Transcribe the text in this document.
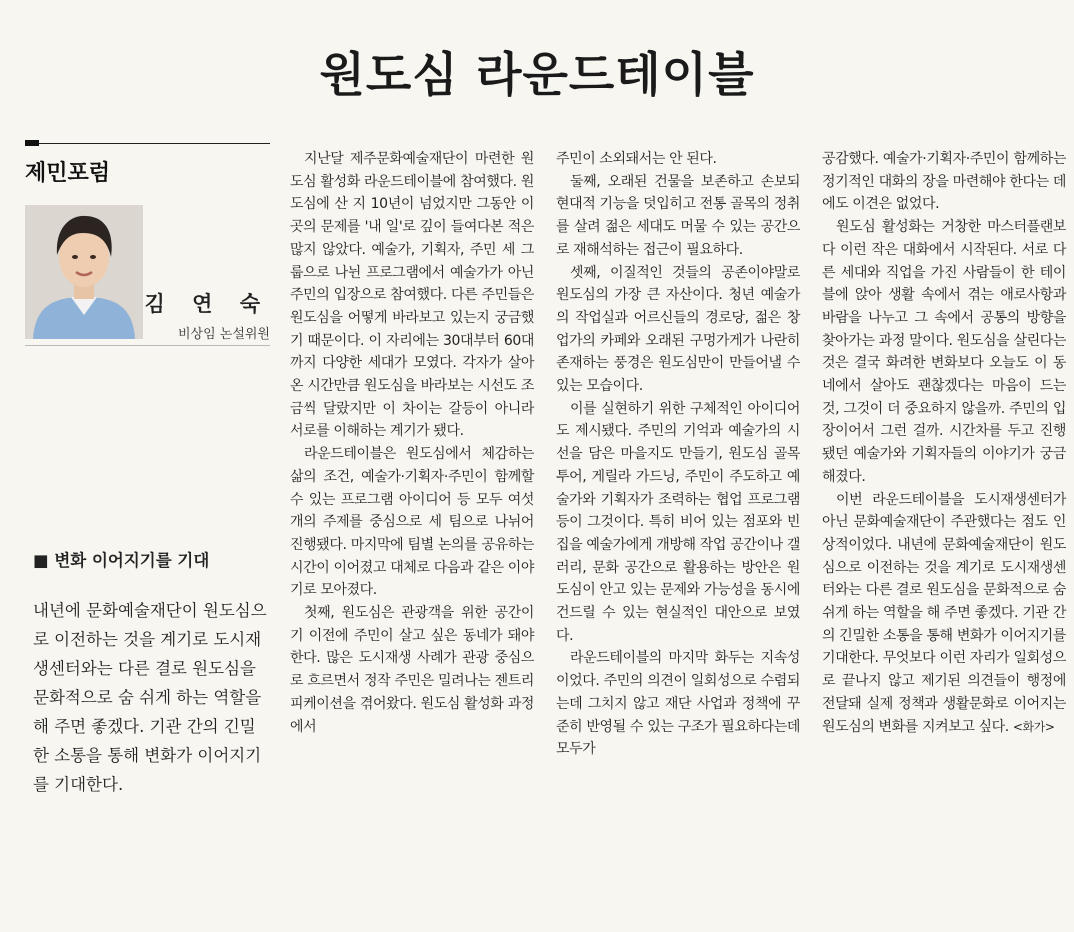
원도심 라운드테이블
제민포럼
김 연 숙
비상임 논설위원
■ 변화 이어지기를 기대

내년에 문화예술재단이 원도심으로 이전하는 것을 계기로 도시재생센터와는 다른 결로 원도심을 문화적으로 숨 쉬게 하는 역할을 해 주면 좋겠다. 기관 간의 긴밀한 소통을 통해 변화가 이어지기를 기대한다.

지난달 제주문화예술재단이 마련한 원도심 활성화 라운드테이블에 참여했다. 원도심에 산 지 10년이 넘었지만 그동안 이곳의 문제를 '내 일'로 깊이 들여다본 적은 많지 않았다. 예술가, 기획자, 주민 세 그룹으로 나뉜 프로그램에서 예술가가 아닌 주민의 입장으로 참여했다. 다른 주민들은 원도심을 어떻게 바라보고 있는지 궁금했기 때문이다. 이 자리에는 30대부터 60대까지 다양한 세대가 모였다. 각자가 살아온 시간만큼 원도심을 바라보는 시선도 조금씩 달랐지만 이 차이는 갈등이 아니라 서로를 이해하는 계기가 됐다.

라운드테이블은 원도심에서 체감하는 삶의 조건, 예술가·기획자·주민이 함께할 수 있는 프로그램 아이디어 등 모두 여섯 개의 주제를 중심으로 세 팀으로 나뉘어 진행됐다. 마지막에 팀별 논의를 공유하는 시간이 이어졌고 대체로 다음과 같은 이야기로 모아졌다.

첫째, 원도심은 관광객을 위한 공간이기 이전에 주민이 살고 싶은 동네가 돼야 한다. 많은 도시재생 사례가 관광 중심으로 흐르면서 정작 주민은 밀려나는 젠트리피케이션을 겪어왔다. 원도심 활성화 과정에서

주민이 소외돼서는 안 된다.

둘째, 오래된 건물을 보존하고 손보되 현대적 기능을 덧입히고 전통 골목의 정취를 살려 젊은 세대도 머물 수 있는 공간으로 재해석하는 접근이 필요하다.

셋째, 이질적인 것들의 공존이야말로 원도심의 가장 큰 자산이다. 청년 예술가의 작업실과 어르신들의 경로당, 젊은 창업가의 카페와 오래된 구멍가게가 나란히 존재하는 풍경은 원도심만이 만들어낼 수 있는 모습이다.

이를 실현하기 위한 구체적인 아이디어도 제시됐다. 주민의 기억과 예술가의 시선을 담은 마을지도 만들기, 원도심 골목 투어, 게릴라 가드닝, 주민이 주도하고 예술가와 기획자가 조력하는 협업 프로그램 등이 그것이다. 특히 비어 있는 점포와 빈집을 예술가에게 개방해 작업 공간이나 갤러리, 문화 공간으로 활용하는 방안은 원도심이 안고 있는 문제와 가능성을 동시에 건드릴 수 있는 현실적인 대안으로 보였다.

라운드테이블의 마지막 화두는 지속성이었다. 주민의 의견이 일회성으로 수렴되는데 그치지 않고 재단 사업과 정책에 꾸준히 반영될 수 있는 구조가 필요하다는데 모두가

공감했다. 예술가·기획자·주민이 함께하는 정기적인 대화의 장을 마련해야 한다는 데에도 이견은 없었다.

원도심 활성화는 거창한 마스터플랜보다 이런 작은 대화에서 시작된다. 서로 다른 세대와 직업을 가진 사람들이 한 테이블에 앉아 생활 속에서 겪는 애로사항과 바람을 나누고 그 속에서 공통의 방향을 찾아가는 과정 말이다. 원도심을 살린다는 것은 결국 화려한 변화보다 오늘도 이 동네에서 살아도 괜찮겠다는 마음이 드는 것, 그것이 더 중요하지 않을까. 주민의 입장이어서 그런 걸까. 시간차를 두고 진행됐던 예술가와 기획자들의 이야기가 궁금해졌다.

이번 라운드테이블을 도시재생센터가 아닌 문화예술재단이 주관했다는 점도 인상적이었다. 내년에 문화예술재단이 원도심으로 이전하는 것을 계기로 도시재생센터와는 다른 결로 원도심을 문화적으로 숨 쉬게 하는 역할을 해 주면 좋겠다. 기관 간의 긴밀한 소통을 통해 변화가 이어지기를 기대한다. 무엇보다 이런 자리가 일회성으로 끝나지 않고 제기된 의견들이 행정에 전달돼 실제 정책과 생활문화로 이어지는 원도심의 변화를 지켜보고 싶다. <화가>
